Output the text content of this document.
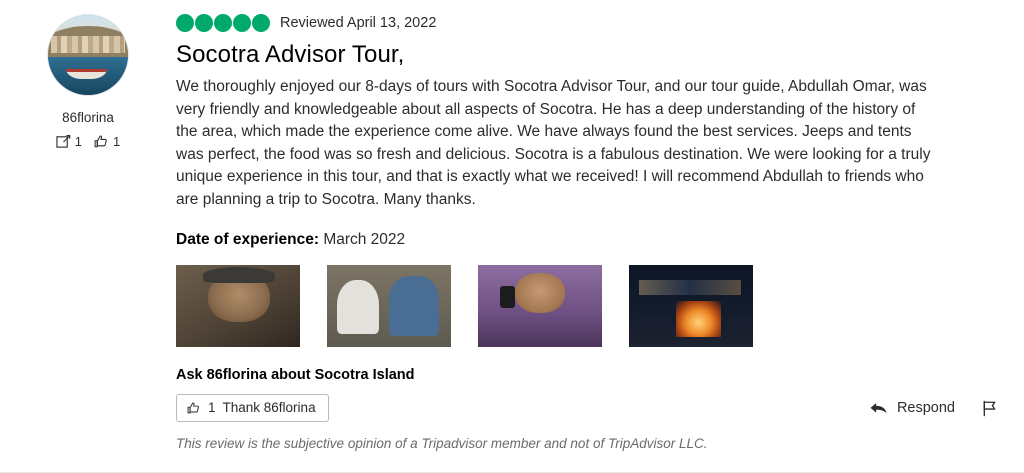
86florina
1 1
Reviewed April 13, 2022
Socotra Advisor Tour,

We thoroughly enjoyed our 8-days of tours with Socotra Advisor Tour, and our tour guide, Abdullah Omar, was very friendly and knowledgeable about all aspects of Socotra. He has a deep understanding of the history of the area, which made the experience come alive. We have always found the best services. Jeeps and tents was perfect, the food was so fresh and delicious. Socotra is a fabulous destination. We were looking for a truly unique experience in this tour, and that is exactly what we received! I will recommend Abdullah to friends who are planning a trip to Socotra. Many thanks.

Date of experience: March 2022
Ask 86florina about Socotra Island
1 Thank 86florina	Respond
This review is the subjective opinion of a Tripadvisor member and not of TripAdvisor LLC.
